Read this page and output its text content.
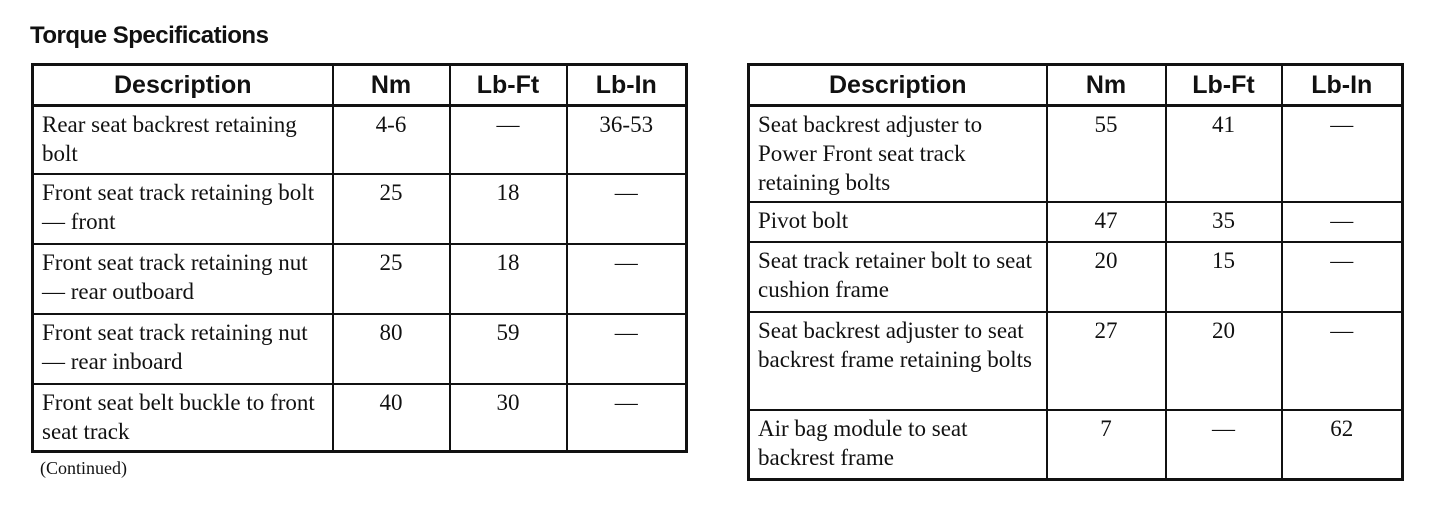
Torque Specifications
Description	Nm	Lb-Ft	Lb-In
Rear seat backrest retaining bolt	4-6	—	36-53
Front seat track retaining bolt — front	25	18	—
Front seat track retaining nut — rear outboard	25	18	—
Front seat track retaining nut — rear inboard	80	59	—
Front seat belt buckle to front seat track	40	30	—
(Continued)
Description	Nm	Lb-Ft	Lb-In
Seat backrest adjuster to Power Front seat track retaining bolts	55	41	—
Pivot bolt	47	35	—
Seat track retainer bolt to seat cushion frame	20	15	—
Seat backrest adjuster to seat backrest frame retaining bolts	27	20	—
Air bag module to seat backrest frame	7	—	62
